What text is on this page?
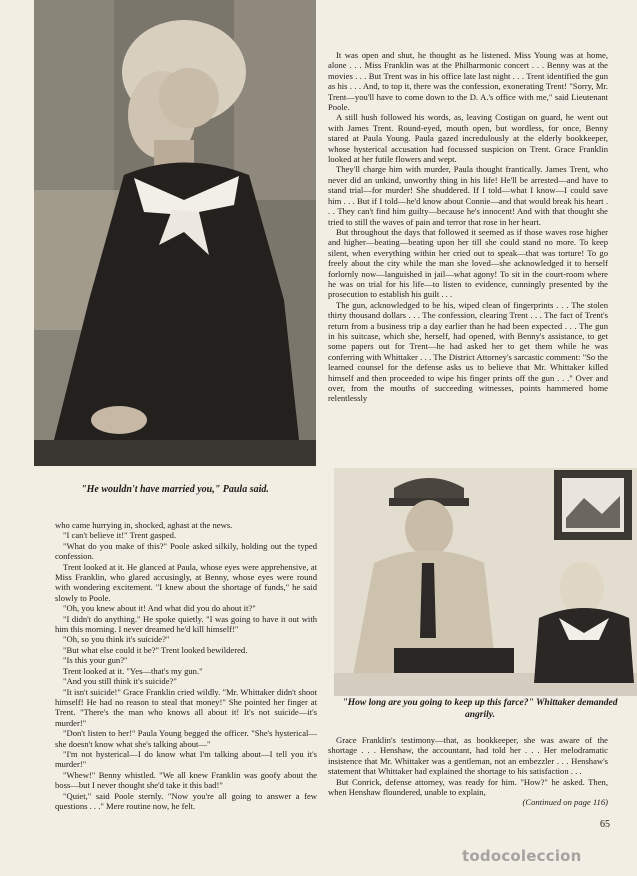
"He wouldn't have married you," Paula said.

It was open and shut, he thought as he listened. Miss Young was at home, alone . . . Miss Franklin was at the Philharmonic concert . . . Benny was at the movies . . . But Trent was in his office late last night . . . Trent identified the gun as his . . . And, to top it, there was the confession, exonerating Trent! "Sorry, Mr. Trent—you'll have to come down to the D. A.'s office with me," said Lieutenant Poole.

A still hush followed his words, as, leaving Costigan on guard, he went out with James Trent. Round-eyed, mouth open, but wordless, for once, Benny stared at Paula Young. Paula gazed incredulously at the elderly bookkeeper, whose hysterical accusation had focussed suspicion on Trent. Grace Franklin looked at her futile flowers and wept.

They'll charge him with murder, Paula thought frantically. James Trent, who never did an unkind, unworthy thing in his life! He'll be arrested—and have to stand trial—for murder! She shuddered. If I told—what I know—I could save him . . . But if I told—he'd know about Connie—and that would break his heart . . . They can't find him guilty—because he's innocent! And with that thought she tried to still the waves of pain and terror that rose in her heart.

But throughout the days that followed it seemed as if those waves rose higher and higher—beating—beating upon her till she could stand no more. To keep silent, when everything within her cried out to speak—that was torture! To go freely about the city while the man she loved—she acknowledged it to herself forlornly now—languished in jail—what agony! To sit in the court-room where he was on trial for his life—to listen to evidence, cunningly presented by the prosecution to establish his guilt . . .

The gun, acknowledged to be his, wiped clean of fingerprints . . . The stolen thirty thousand dollars . . . The confession, clearing Trent . . . The fact of Trent's return from a business trip a day earlier than he had been expected . . . The gun in his suitcase, which she, herself, had opened, with Benny's assistance, to get some papers out for Trent—he had asked her to get them while he was conferring with Whittaker . . . The District Attorney's sarcastic comment: "So the learned counsel for the defense asks us to believe that Mr. Whittaker killed himself and then proceeded to wipe his finger prints off the gun . . ." Over and over, from the mouths of succeeding witnesses, points hammered home relentlessly

"How long are you going to keep up this farce?" Whittaker demanded angrily.

who came hurrying in, shocked, aghast at the news.

"I can't believe it!" Trent gasped.

"What do you make of this?" Poole asked silkily, holding out the typed confession.

Trent looked at it. He glanced at Paula, whose eyes were apprehensive, at Miss Franklin, who glared accusingly, at Benny, whose eyes were round with wondering excitement. "I knew about the shortage of funds," he said slowly to Poole.

"Oh, you knew about it! And what did you do about it?"

"I didn't do anything." He spoke quietly. "I was going to have it out with him this morning. I never dreamed he'd kill himself!"

"Oh, so you think it's suicide?"

"But what else could it be?" Trent looked bewildered.

"Is this your gun?"

Trent looked at it. "Yes—that's my gun."

"And you still think it's suicide?"

"It isn't suicide!" Grace Franklin cried wildly. "Mr. Whittaker didn't shoot himself! He had no reason to steal that money!" She pointed her finger at Trent. "There's the man who knows all about it! It's not suicide—it's murder!"

"Don't listen to her!" Paula Young begged the officer. "She's hysterical—she doesn't know what she's talking about—"

"I'm not hysterical—I do know what I'm talking about—I tell you it's murder!"

"Whew!" Benny whistled. "We all knew Franklin was goofy about the boss—but I never thought she'd take it this bad!"

"Quiet," said Poole sternly. "Now you're all going to answer a few questions . . ." Mere routine now, he felt.

Grace Franklin's testimony—that, as bookkeeper, she was aware of the shortage . . . Henshaw, the accountant, had told her . . . Her melodramatic insistence that Mr. Whittaker was a gentleman, not an embezzler . . . Henshaw's statement that Whittaker had explained the shortage to his satisfaction . . .

But Conrick, defense attorney, was ready for him. "How?" he asked. Then, when Henshaw floundered, unable to explain,

(Continued on page 116)

65
todocoleccion
